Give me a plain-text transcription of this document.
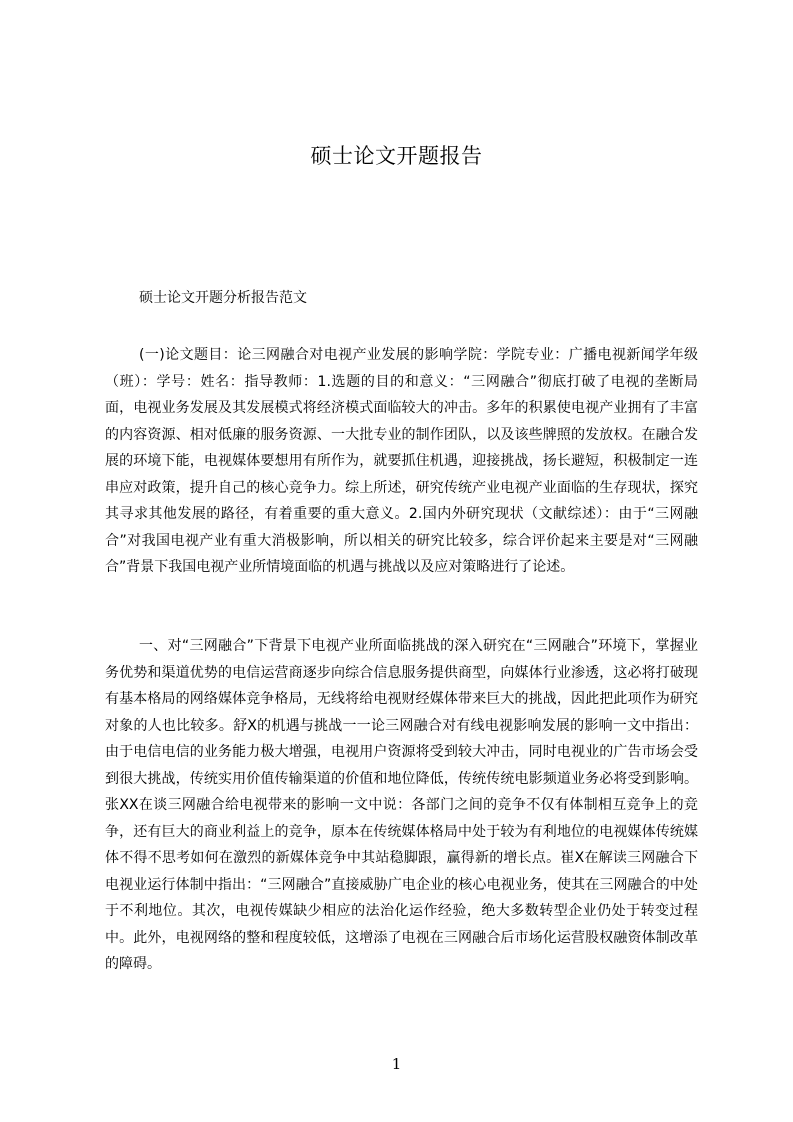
硕士论文开题报告

硕士论文开题分析报告范文

(一)论文题目：论三网融合对电视产业发展的影响学院：学院专业：广播电视新闻学年级（班）：学号：姓名：指导教师：1.选题的目的和意义：“三网融合”彻底打破了电视的垄断局面，电视业务发展及其发展模式将经济模式面临较大的冲击。多年的积累使电视产业拥有了丰富的内容资源、相对低廉的服务资源、一大批专业的制作团队，以及该些牌照的发放权。在融合发展的环境下能，电视媒体要想用有所作为，就要抓住机遇，迎接挑战，扬长避短，积极制定一连串应对政策，提升自己的核心竞争力。综上所述，研究传统产业电视产业面临的生存现状，探究其寻求其他发展的路径，有着重要的重大意义。2.国内外研究现状（文献综述）：由于“三网融合”对我国电视产业有重大消极影响，所以相关的研究比较多，综合评价起来主要是对“三网融合”背景下我国电视产业所情境面临的机遇与挑战以及应对策略进行了论述。

一、对“三网融合”下背景下电视产业所面临挑战的深入研究在“三网融合”环境下，掌握业务优势和渠道优势的电信运营商逐步向综合信息服务提供商型，向媒体行业渗透，这必将打破现有基本格局的网络媒体竞争格局，无线将给电视财经媒体带来巨大的挑战，因此把此项作为研究对象的人也比较多。舒X的机遇与挑战一一论三网融合对有线电视影响发展的影响一文中指出：由于电信电信的业务能力极大增强，电视用户资源将受到较大冲击，同时电视业的广告市场会受到很大挑战，传统实用价值传输渠道的价值和地位降低，传统传统电影频道业务必将受到影响。张XX在谈三网融合给电视带来的影响一文中说：各部门之间的竞争不仅有体制相互竞争上的竞争，还有巨大的商业利益上的竞争，原本在传统媒体格局中处于较为有利地位的电视媒体传统媒体不得不思考如何在激烈的新媒体竞争中其站稳脚跟，赢得新的增长点。崔X在解读三网融合下电视业运行体制中指出：“三网融合”直接威胁广电企业的核心电视业务，使其在三网融合的中处于不利地位。其次，电视传媒缺少相应的法治化运作经验，绝大多数转型企业仍处于转变过程中。此外，电视网络的整和程度较低，这增添了电视在三网融合后市场化运营股权融资体制改革的障碍。

1
